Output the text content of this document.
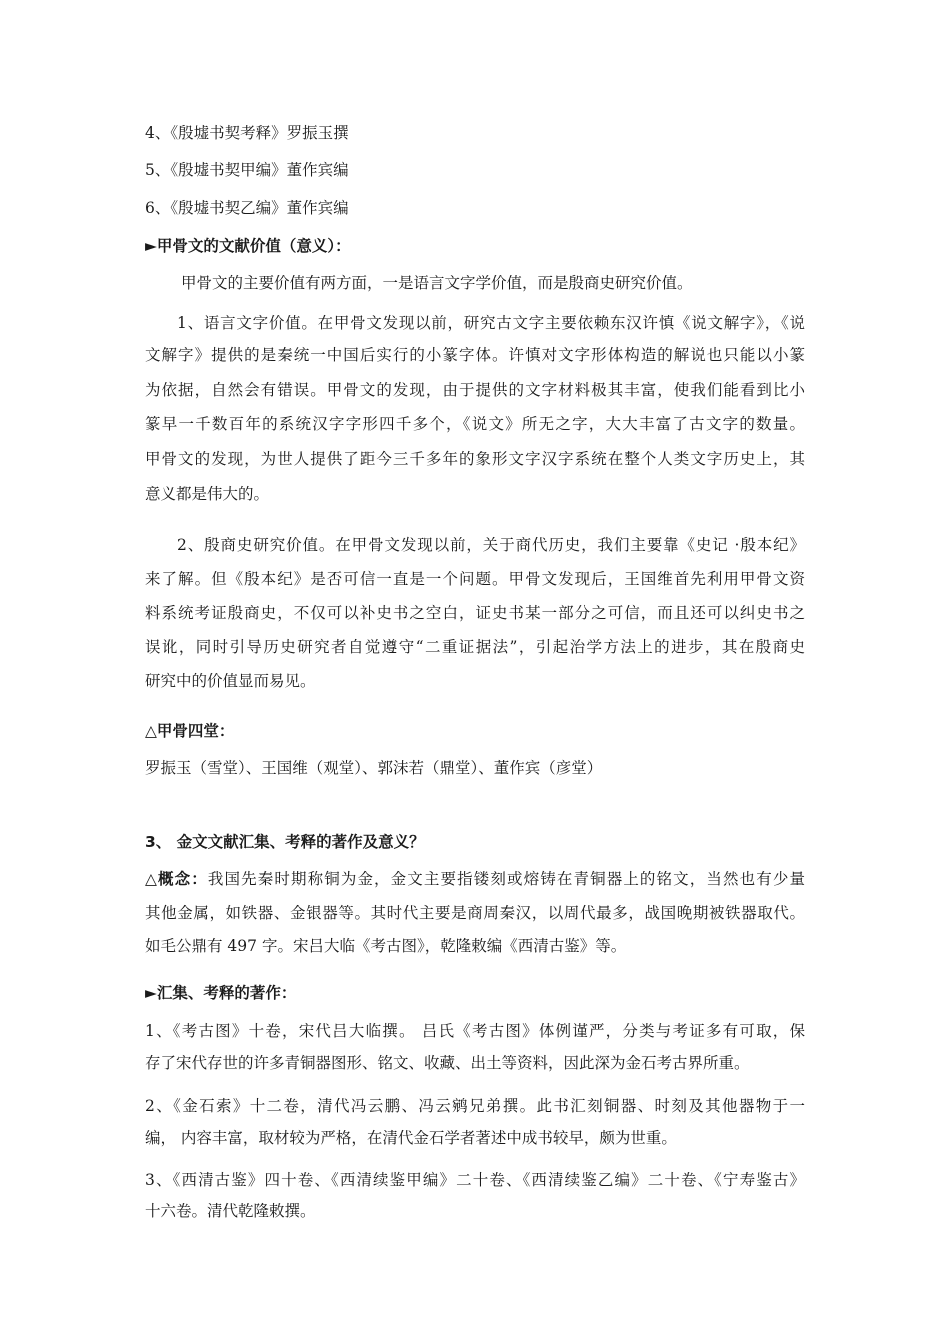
4、《殷墟书契考释》罗振玉撰
5、《殷墟书契甲编》董作宾编
6、《殷墟书契乙编》董作宾编
►甲骨文的文献价值（意义）：
甲骨文的主要价值有两方面，一是语言文字学价值，而是殷商史研究价值。
1、语言文字价值。在甲骨文发现以前，研究古文字主要依赖东汉许慎《说文解字》，《说
文解字》提供的是秦统一中国后实行的小篆字体。许慎对文字形体构造的解说也只能以小篆
为依据，自然会有错误。甲骨文的发现，由于提供的文字材料极其丰富，使我们能看到比小
篆早一千数百年的系统汉字字形四千多个，《说文》所无之字，大大丰富了古文字的数量。
甲骨文的发现，为世人提供了距今三千多年的象形文字汉字系统在整个人类文字历史上，其
意义都是伟大的。
2、殷商史研究价值。在甲骨文发现以前，关于商代历史，我们主要靠《史记 ·殷本纪》
来了解。但《殷本纪》是否可信一直是一个问题。甲骨文发现后，王国维首先利用甲骨文资
料系统考证殷商史，不仅可以补史书之空白，证史书某一部分之可信，而且还可以纠史书之
误讹，同时引导历史研究者自觉遵守“二重证据法”，引起治学方法上的进步，其在殷商史
研究中的价值显而易见。
△甲骨四堂：
罗振玉（雪堂）、王国维（观堂）、郭沫若（鼎堂）、董作宾（彦堂）
3、 金文文献汇集、考释的著作及意义？
△概念：我国先秦时期称铜为金，金文主要指镂刻或熔铸在青铜器上的铭文，当然也有少量
其他金属，如铁器、金银器等。其时代主要是商周秦汉，以周代最多，战国晚期被铁器取代。
如毛公鼎有 497 字。宋吕大临《考古图》，乾隆敕编《西清古鉴》等。
►汇集、考释的著作：
1、《考古图》十卷，宋代吕大临撰。 吕氏《考古图》体例谨严，分类与考证多有可取，保
存了宋代存世的许多青铜器图形、铭文、收藏、出土等资料，因此深为金石考古界所重。
2、《金石索》十二卷，清代冯云鹏、冯云鹓兄弟撰。此书汇刻铜器、时刻及其他器物于一
编， 内容丰富，取材较为严格，在清代金石学者著述中成书较早，颇为世重。
3、《西清古鉴》四十卷、《西清续鉴甲编》二十卷、《西清续鉴乙编》二十卷、《宁寿鉴古》
十六卷。清代乾隆敕撰。
